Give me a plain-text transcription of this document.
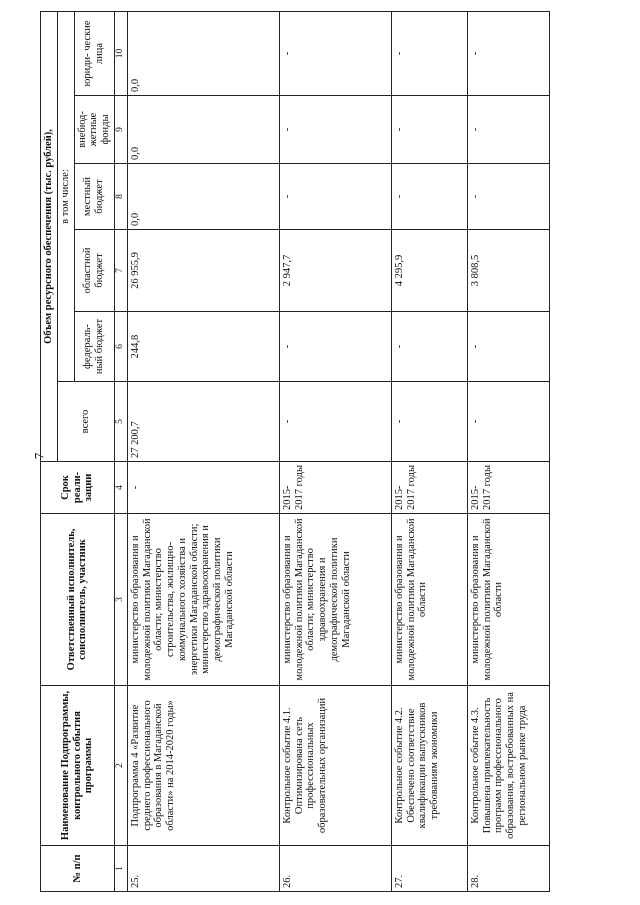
7
№ п/п	Наименование Подпрограммы, контрольного события программы	Ответственный исполнитель, соисполнитель, участник	Срок реали- зации	Объем ресурсного обеспечения (тыс. рублей),					
				всего	в том числе:				
					федераль- ный бюджет	областной бюджет	местный бюджет	внебюд- жетные фонды	юриди- ческие лица
1	2	3	4	5	6	7	8	9	10
25.	Подпрограмма 4 «Развитие среднего профессионального образования в Магаданской области» на 2014-2020 годы»	министерство образования и молодежной политики Магаданской области; министерство строительства, жилищно-коммунального хозяйства и энергетики Магаданской области; министерство здравоохранения и демографической политики Магаданской области	-	27 200,7	244,8	26 955,9	0,0	0,0	0,0
26.	Контрольное событие 4.1. Оптимизирована сеть профессиональных образовательных организаций	министерство образования и молодежной политики Магаданской области; министерство здравоохранения и демографической политики Магаданской области	2015-2017 годы	-	-	2 947,7	-	-	-
27.	Контрольное событие 4.2. Обеспечено соответствие квалификации выпускников требованиям экономики	министерство образования и молодежной политики Магаданской области	2015-2017 годы	-	-	4 295,9	-	-	-
28.	Контрольное событие 4.3. Повышена привлекательность программ профессионального образования, востребованных на региональном рынке труда	министерство образования и молодежной политики Магаданской области	2015-2017 годы	-	-	3 808,5	-	-	-
